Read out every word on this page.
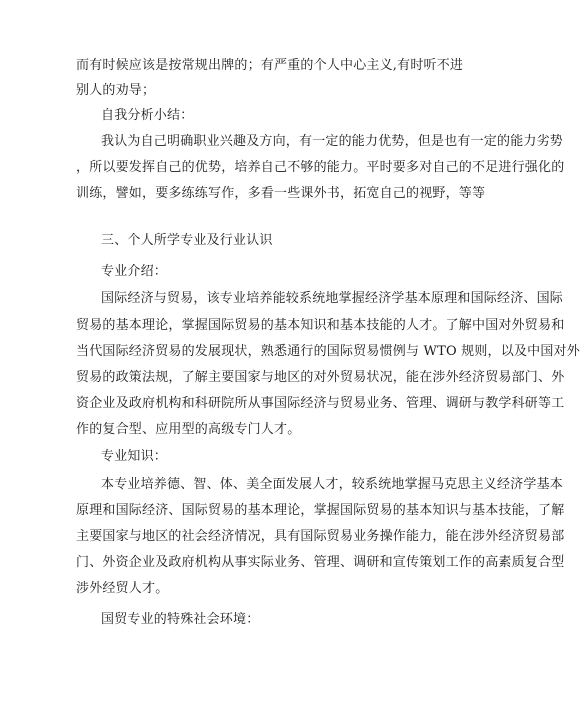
而有时候应该是按常规出牌的；有严重的个人中心主义,有时听不进
别人的劝导；
自我分析小结：
我认为自己明确职业兴趣及方向，有一定的能力优势，但是也有一定的能力劣势
，所以要发挥自己的优势，培养自己不够的能力。平时要多对自己的不足进行强化的
训练，譬如，要多练练写作，多看一些课外书，拓宽自己的视野，等等
三、个人所学专业及行业认识
专业介绍：
国际经济与贸易，该专业培养能较系统地掌握经济学基本原理和国际经济、国际
贸易的基本理论，掌握国际贸易的基本知识和基本技能的人才。了解中国对外贸易和
当代国际经济贸易的发展现状，熟悉通行的国际贸易惯例与 WTO 规则，以及中国对外
贸易的政策法规，了解主要国家与地区的对外贸易状况，能在涉外经济贸易部门、外
资企业及政府机构和科研院所从事国际经济与贸易业务、管理、调研与教学科研等工
作的复合型、应用型的高级专门人才。
专业知识：
本专业培养德、智、体、美全面发展人才，较系统地掌握马克思主义经济学基本
原理和国际经济、国际贸易的基本理论，掌握国际贸易的基本知识与基本技能，了解
主要国家与地区的社会经济情况，具有国际贸易业务操作能力，能在涉外经济贸易部
门、外资企业及政府机构从事实际业务、管理、调研和宣传策划工作的高素质复合型
涉外经贸人才。
国贸专业的特殊社会环境：
